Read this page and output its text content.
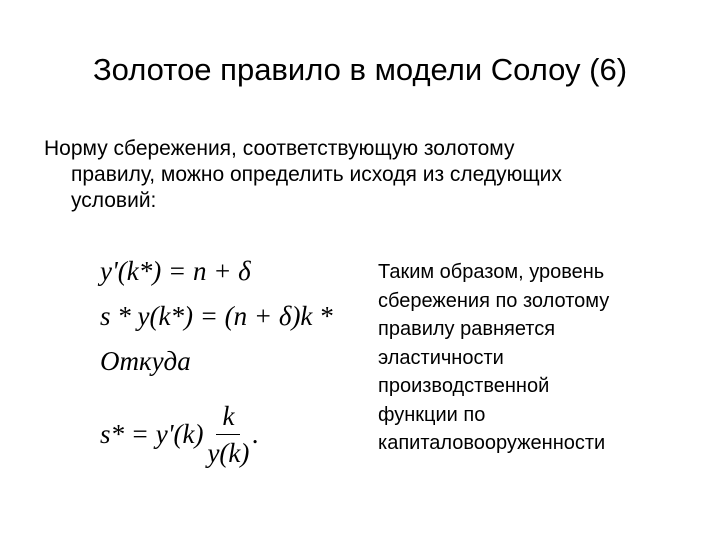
Золотое правило в модели Солоу (6)
Норму сбережения, соответствующую золотому
правилу, можно определить исходя из следующих
условий:
y'(k*) = n + δ
s * y(k*) = (n + δ)k *
Откуда
$s* = y'(k) \frac{k}{y(k)}$ .
Таким образом, уровень
сбережения по золотому
правилу равняется
эластичности
производственной
функции по
капиталовооруженности
